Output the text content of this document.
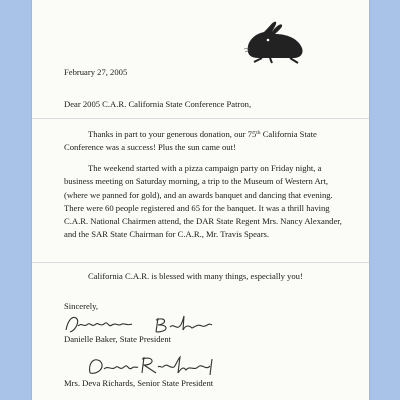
February 27, 2005

Dear 2005 C.A.R. California State Conference Patron,

Thanks in part to your generous donation, our 75th California State Conference was a success! Plus the sun came out!

The weekend started with a pizza campaign party on Friday night, a business meeting on Saturday morning, a trip to the Museum of Western Art, (where we panned for gold), and an awards banquet and dancing that evening. There were 60 people registered and 65 for the banquet. It was a thrill having C.A.R. National Chairmen attend, the DAR State Regent Mrs. Nancy Alexander, and the SAR State Chairman for C.A.R., Mr. Travis Spears.

California C.A.R. is blessed with many things, especially you!

Sincerely,

Danielle Baker, State President

Mrs. Deva Richards, Senior State President
